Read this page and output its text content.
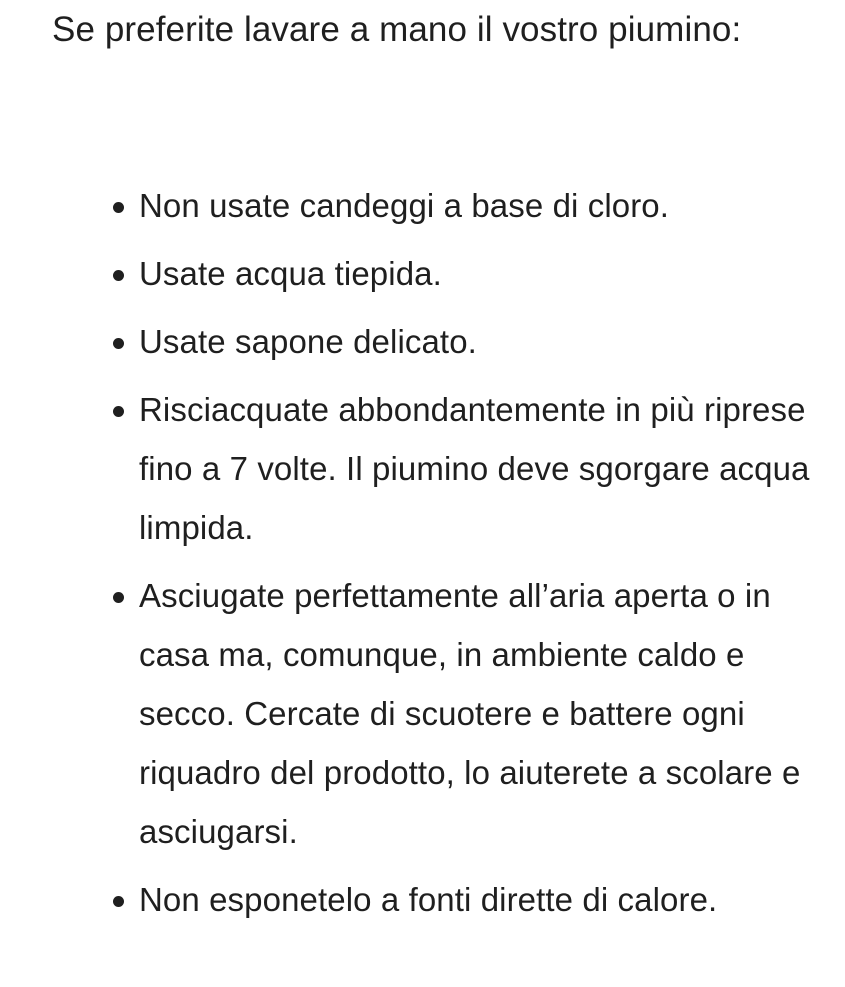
Se preferite lavare a mano il vostro piumino:

Non usate candeggi a base di cloro.
Usate acqua tiepida.
Usate sapone delicato.
Risciacquate abbondantemente in più riprese fino a 7 volte. Il piumino deve sgorgare acqua limpida.
Asciugate perfettamente all’aria aperta o in casa ma, comunque, in ambiente caldo e secco. Cercate di scuotere e battere ogni riquadro del prodotto, lo aiuterete a scolare e asciugarsi.
Non esponetelo a fonti dirette di calore.
